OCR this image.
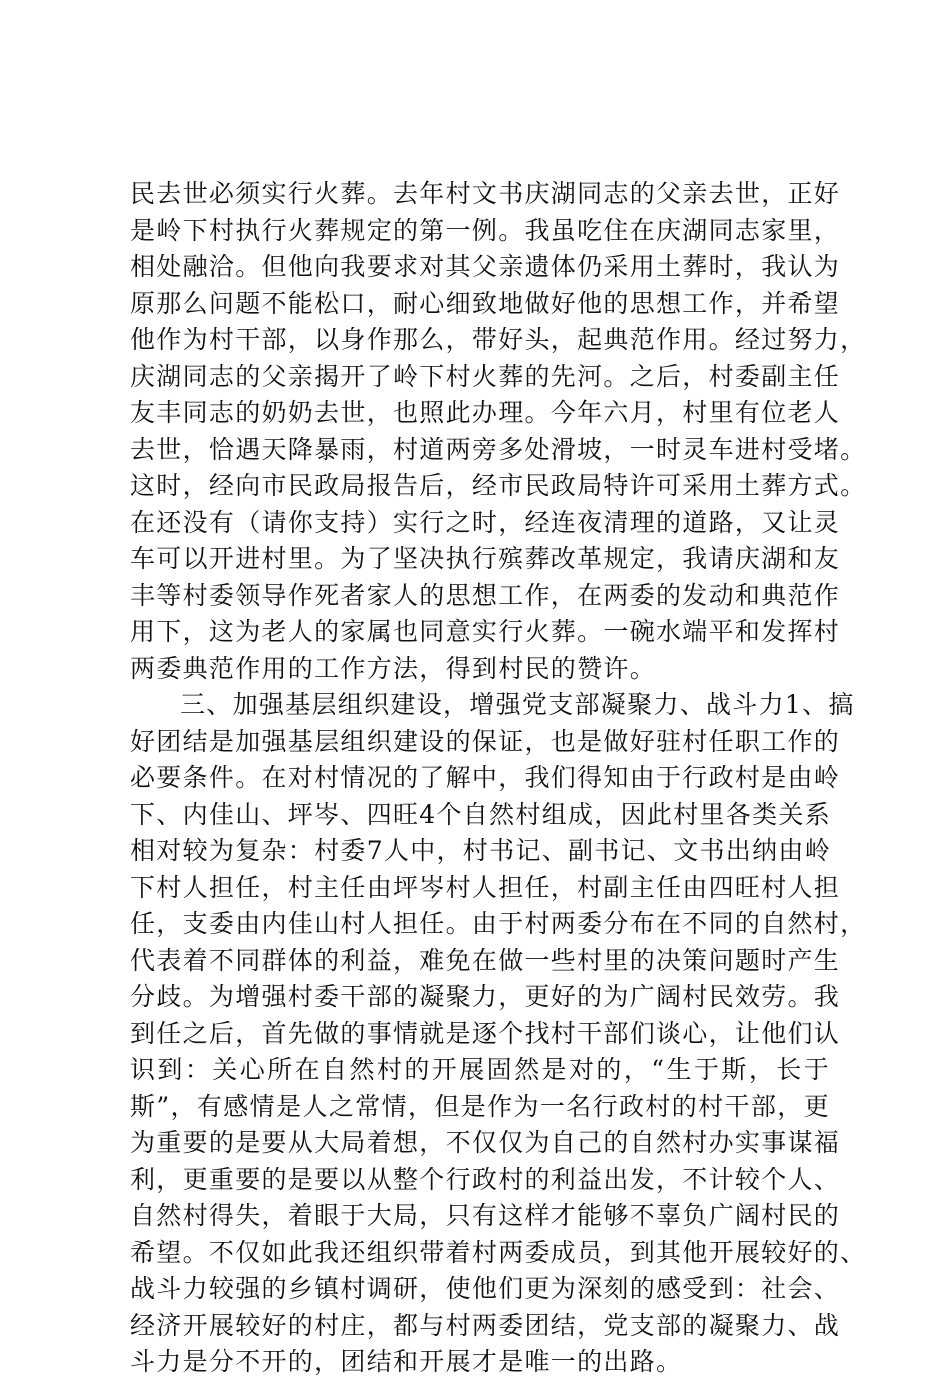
民去世必须实行火葬。去年村文书庆湖同志的父亲去世，正好
是岭下村执行火葬规定的第一例。我虽吃住在庆湖同志家里，
相处融洽。但他向我要求对其父亲遗体仍采用土葬时，我认为
原那么问题不能松口，耐心细致地做好他的思想工作，并希望
他作为村干部，以身作那么，带好头，起典范作用。经过努力，
庆湖同志的父亲揭开了岭下村火葬的先河。之后，村委副主任
友丰同志的奶奶去世，也照此办理。今年六月，村里有位老人
去世，恰遇天降暴雨，村道两旁多处滑坡，一时灵车进村受堵。
这时，经向市民政局报告后，经市民政局特许可采用土葬方式。
在还没有（请你支持）实行之时，经连夜清理的道路，又让灵
车可以开进村里。为了坚决执行殡葬改革规定，我请庆湖和友
丰等村委领导作死者家人的思想工作，在两委的发动和典范作
用下，这为老人的家属也同意实行火葬。一碗水端平和发挥村
两委典范作用的工作方法，得到村民的赞许。
三、加强基层组织建设，增强党支部凝聚力、战斗力1、搞
好团结是加强基层组织建设的保证，也是做好驻村任职工作的
必要条件。在对村情况的了解中，我们得知由于行政村是由岭
下、内佳山、坪岑、四旺4个自然村组成，因此村里各类关系
相对较为复杂：村委7人中，村书记、副书记、文书出纳由岭
下村人担任，村主任由坪岑村人担任，村副主任由四旺村人担
任，支委由内佳山村人担任。由于村两委分布在不同的自然村，
代表着不同群体的利益，难免在做一些村里的决策问题时产生
分歧。为增强村委干部的凝聚力，更好的为广阔村民效劳。我
到任之后，首先做的事情就是逐个找村干部们谈心，让他们认
识到：关心所在自然村的开展固然是对的，“生于斯，长于
斯”，有感情是人之常情，但是作为一名行政村的村干部，更
为重要的是要从大局着想，不仅仅为自己的自然村办实事谋福
利，更重要的是要以从整个行政村的利益出发，不计较个人、
自然村得失，着眼于大局，只有这样才能够不辜负广阔村民的
希望。不仅如此我还组织带着村两委成员，到其他开展较好的、
战斗力较强的乡镇村调研，使他们更为深刻的感受到：社会、
经济开展较好的村庄，都与村两委团结，党支部的凝聚力、战
斗力是分不开的，团结和开展才是唯一的出路。
